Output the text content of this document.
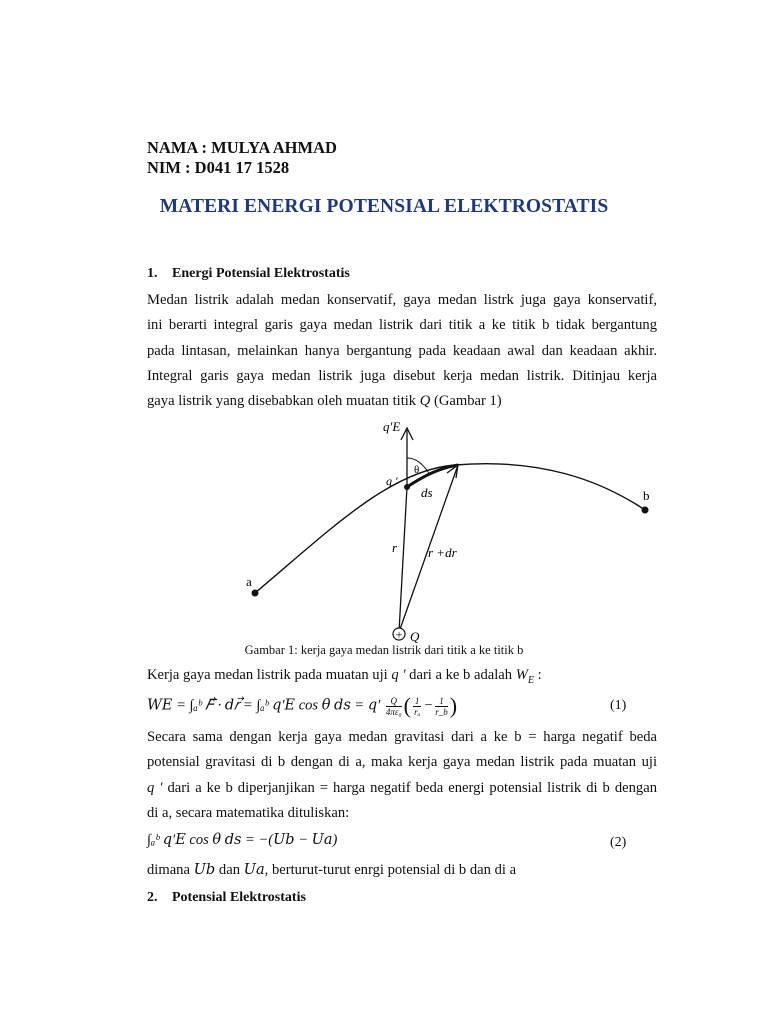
NAMA : MULYA AHMAD
NIM : D041 17 1528
MATERI ENERGI POTENSIAL ELEKTROSTATIS
1. Energi Potensial Elektrostatis
Medan listrik adalah medan konservatif, gaya medan listrk juga gaya konservatif,
ini berarti integral garis gaya medan listrik dari titik a ke titik b tidak bergantung
pada lintasan, melainkan hanya bergantung pada keadaan awal dan keadaan akhir.
Integral garis gaya medan listrik juga disebut kerja medan listrik. Ditinjau kerja
gaya listrik yang disebabkan oleh muatan titik Q (Gambar 1)
+ Q
q′E⃗
θ
q ′
ds
r r +dr
a
b
Gambar 1: kerja gaya medan listrik dari titik a ke titik b
Kerja gaya medan listrik pada muatan uji q ′ dari a ke b adalah $W_E$ :
𝑊𝐸 = ∫ₐᵇ 𝐹⃗ · 𝑑𝑟⃗ = ∫ₐᵇ 𝑞′𝐸 cos 𝜃 𝑑𝑠 = 𝑞′ $\frac{Q}{\text{4πε₀}}$ ( $\frac{1}{\text{rₐ}} - \frac{1}{r\_b}$ )	(1)
Secara sama dengan kerja gaya medan gravitasi dari a ke b = harga negatif beda
potensial gravitasi di b dengan di a, maka kerja gaya medan listrik pada muatan uji
q ′ dari a ke b diperjanjikan = harga negatif beda energi potensial listrik di b dengan
di a, secara matematika dituliskan:
∫ₐᵇ 𝑞′𝐸 cos 𝜃 𝑑𝑠 = −(𝑈𝑏 − 𝑈𝑎)	(2)
dimana 𝑈𝑏 dan 𝑈𝑎, berturut-turut enrgi potensial di b dan di a
2. Potensial Elektrostatis
